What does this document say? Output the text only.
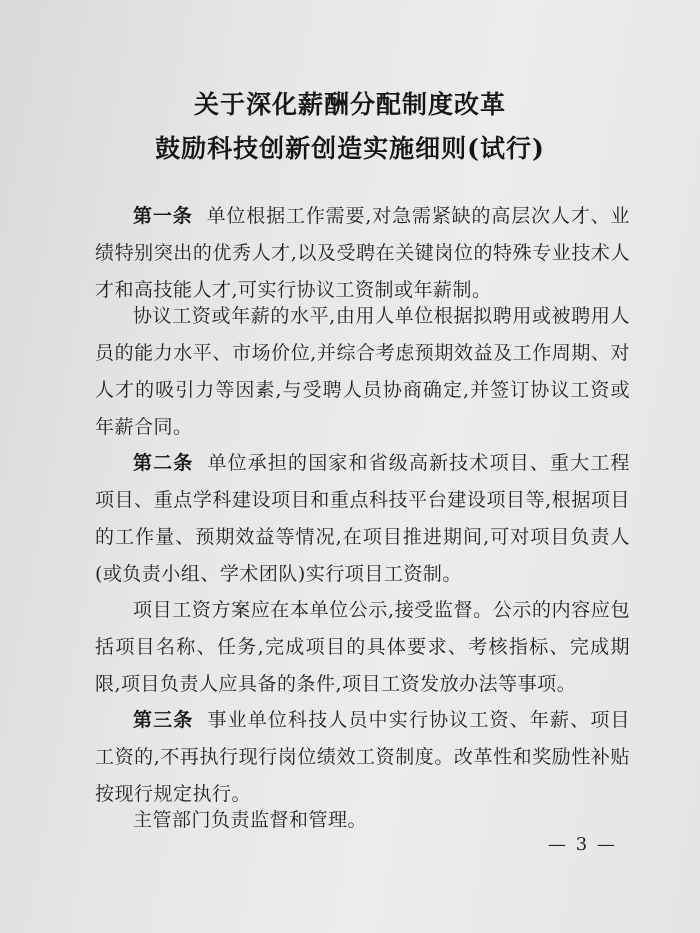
关于深化薪酬分配制度改革
鼓励科技创新创造实施细则(试行)

第一条 单位根据工作需要,对急需紧缺的高层次人才、业绩特别突出的优秀人才,以及受聘在关键岗位的特殊专业技术人才和高技能人才,可实行协议工资制或年薪制。

协议工资或年薪的水平,由用人单位根据拟聘用或被聘用人员的能力水平、市场价位,并综合考虑预期效益及工作周期、对人才的吸引力等因素,与受聘人员协商确定,并签订协议工资或年薪合同。

第二条 单位承担的国家和省级高新技术项目、重大工程项目、重点学科建设项目和重点科技平台建设项目等,根据项目的工作量、预期效益等情况,在项目推进期间,可对项目负责人(或负责小组、学术团队)实行项目工资制。

项目工资方案应在本单位公示,接受监督。公示的内容应包括项目名称、任务,完成项目的具体要求、考核指标、完成期限,项目负责人应具备的条件,项目工资发放办法等事项。

第三条 事业单位科技人员中实行协议工资、年薪、项目工资的,不再执行现行岗位绩效工资制度。改革性和奖励性补贴按现行规定执行。

主管部门负责监督和管理。

— 3 —
